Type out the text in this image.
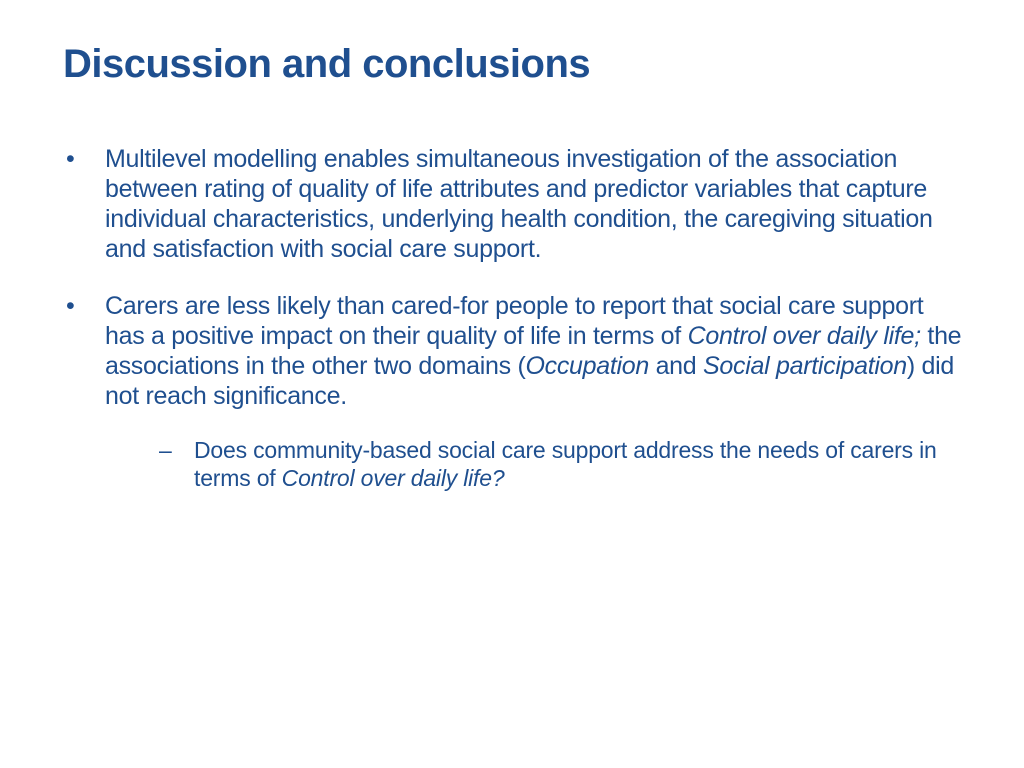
Discussion and conclusions
• Multilevel modelling enables simultaneous investigation of the association between rating of quality of life attributes and predictor variables that capture individual characteristics, underlying health condition, the caregiving situation and satisfaction with social care support.
• Carers are less likely than cared-for people to report that social care support has a positive impact on their quality of life in terms of Control over daily life; the associations in the other two domains (Occupation and Social participation) did not reach significance.
– Does community-based social care support address the needs of carers in terms of Control over daily life?
